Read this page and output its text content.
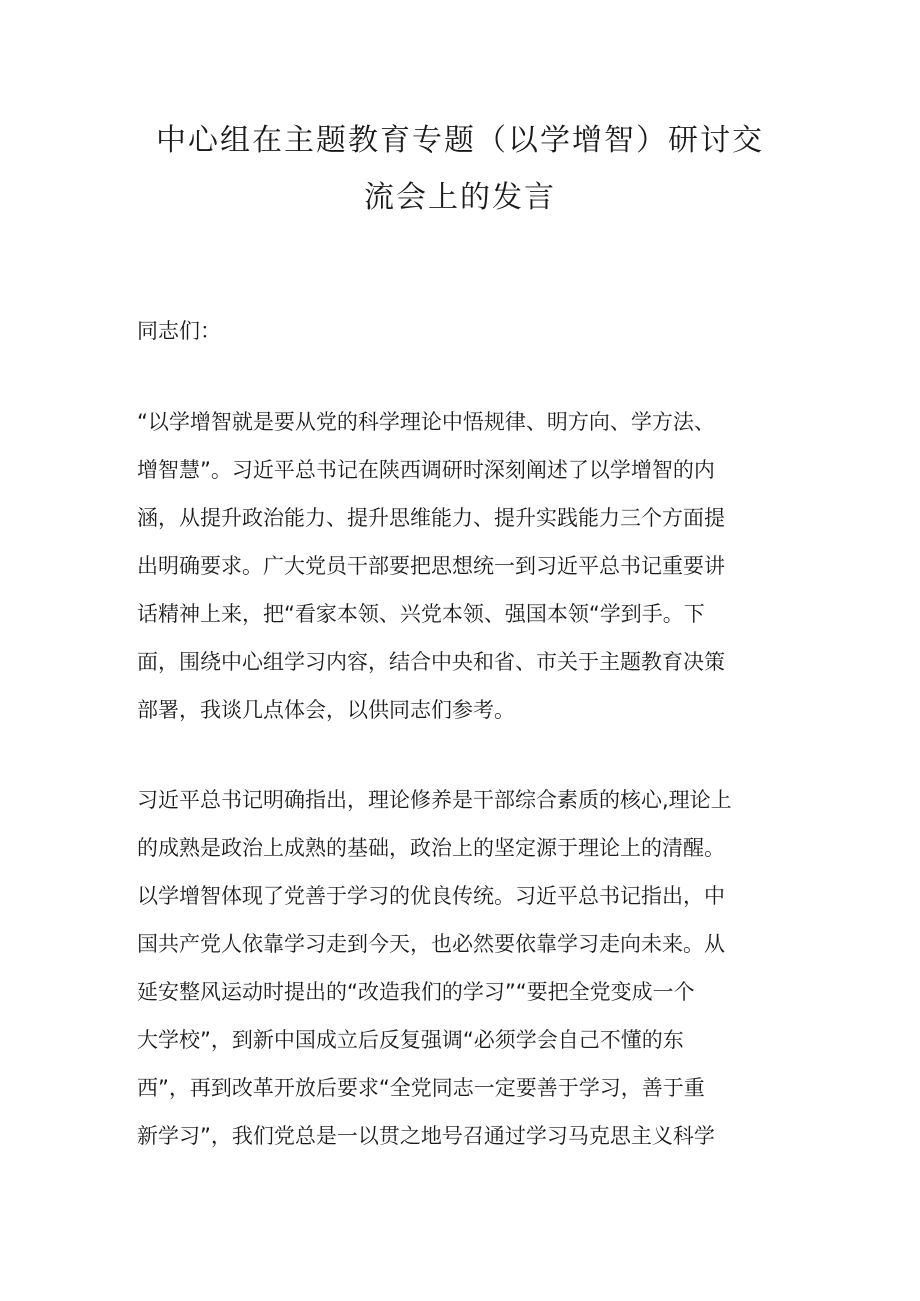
中心组在主题教育专题（以学增智）研讨交
流会上的发言

同志们：

“以学增智就是要从党的科学理论中悟规律、明方向、学方法、

增智慧”。习近平总书记在陕西调研时深刻阐述了以学增智的内

涵，从提升政治能力、提升思维能力、提升实践能力三个方面提

出明确要求。广大党员干部要把思想统一到习近平总书记重要讲

话精神上来，把“看家本领、兴党本领、强国本领“学到手。下

面，围绕中心组学习内容，结合中央和省、市关于主题教育决策

部署，我谈几点体会，以供同志们参考。

习近平总书记明确指出，理论修养是干部综合素质的核心,理论上

的成熟是政治上成熟的基础，政治上的坚定源于理论上的清醒。

以学增智体现了党善于学习的优良传统。习近平总书记指出，中

国共产党人依靠学习走到今天，也必然要依靠学习走向未来。从

延安整风运动时提出的“改造我们的学习”“要把全党变成一个

大学校”，到新中国成立后反复强调“必须学会自己不懂的东

西”，再到改革开放后要求“全党同志一定要善于学习，善于重

新学习”，我们党总是一以贯之地号召通过学习马克思主义科学
